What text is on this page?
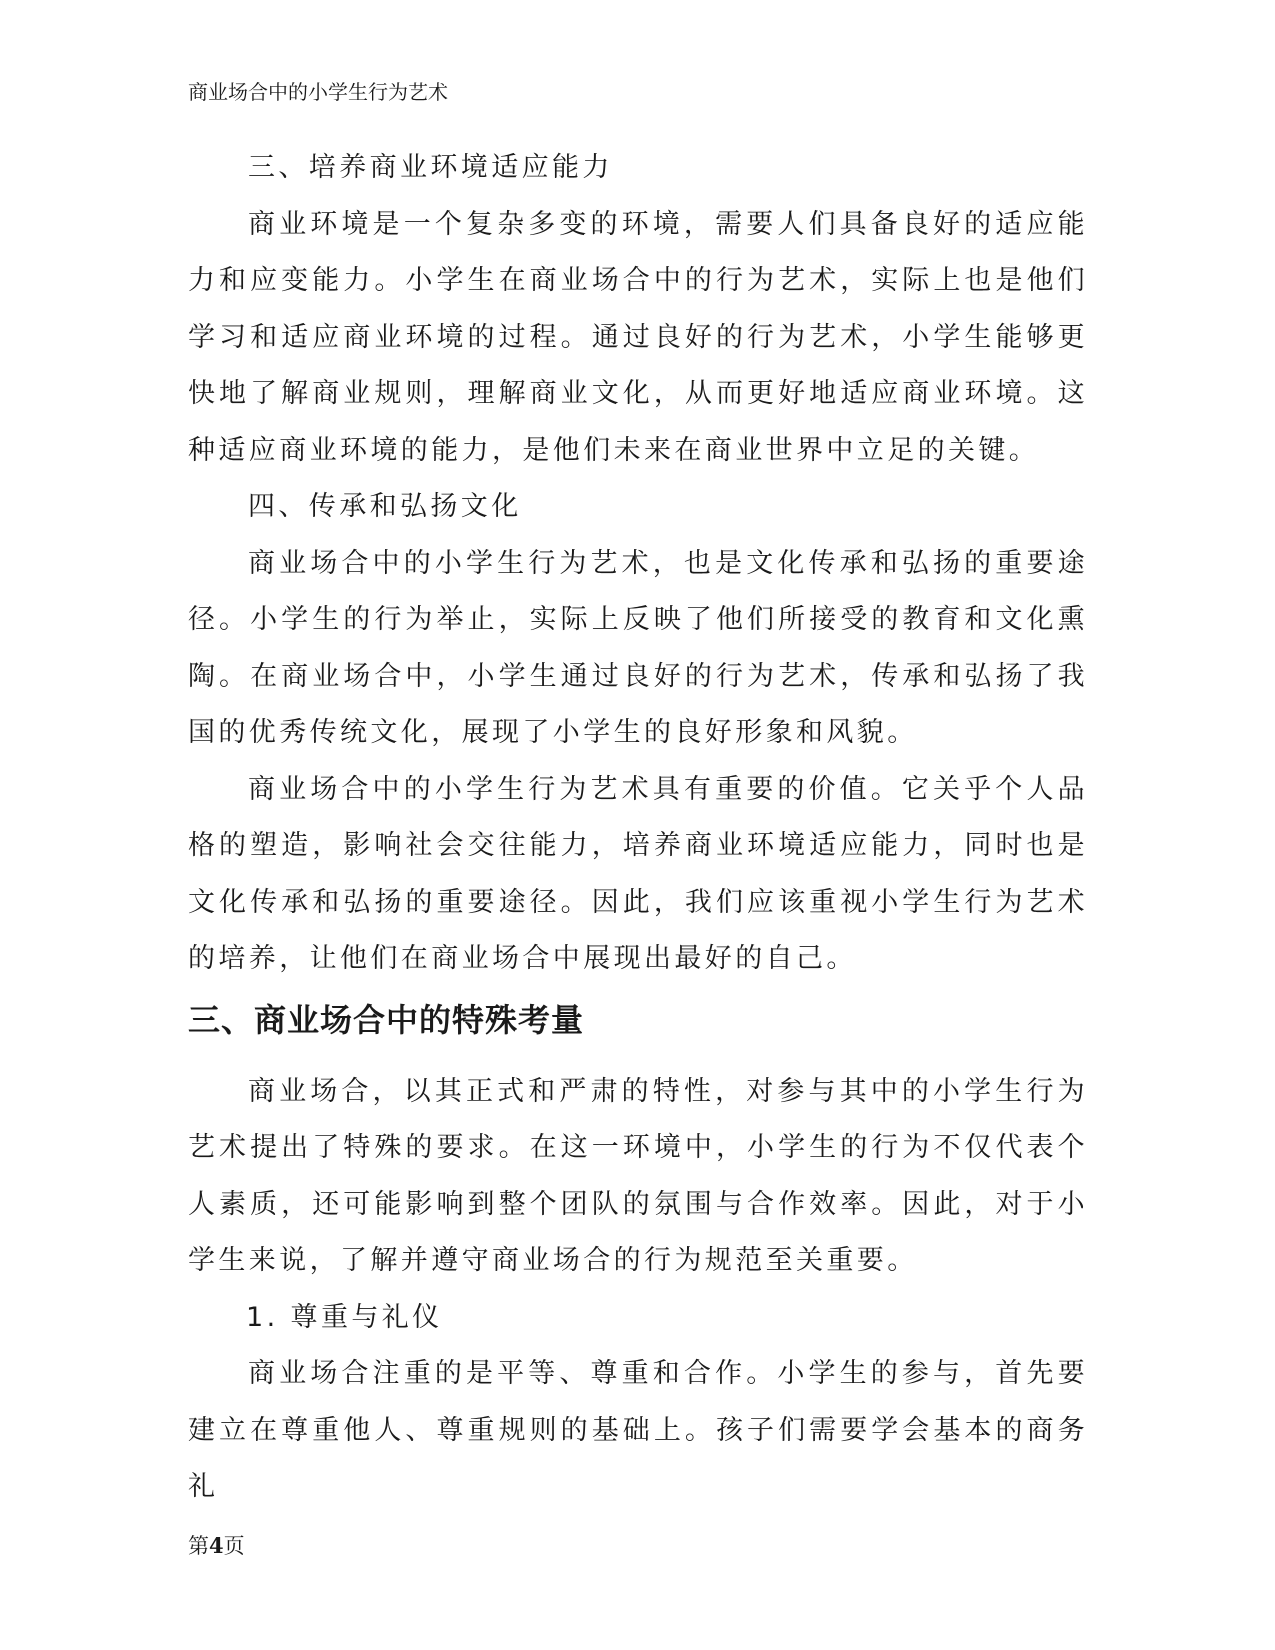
商业场合中的小学生行为艺术

三、培养商业环境适应能力

商业环境是一个复杂多变的环境，需要人们具备良好的适应能力和应变能力。小学生在商业场合中的行为艺术，实际上也是他们学习和适应商业环境的过程。通过良好的行为艺术，小学生能够更快地了解商业规则，理解商业文化，从而更好地适应商业环境。这种适应商业环境的能力，是他们未来在商业世界中立足的关键。

四、传承和弘扬文化

商业场合中的小学生行为艺术，也是文化传承和弘扬的重要途径。小学生的行为举止，实际上反映了他们所接受的教育和文化熏陶。在商业场合中，小学生通过良好的行为艺术，传承和弘扬了我国的优秀传统文化，展现了小学生的良好形象和风貌。

商业场合中的小学生行为艺术具有重要的价值。它关乎个人品格的塑造，影响社会交往能力，培养商业环境适应能力，同时也是文化传承和弘扬的重要途径。因此，我们应该重视小学生行为艺术的培养，让他们在商业场合中展现出最好的自己。

三、商业场合中的特殊考量

商业场合，以其正式和严肃的特性，对参与其中的小学生行为艺术提出了特殊的要求。在这一环境中，小学生的行为不仅代表个人素质，还可能影响到整个团队的氛围与合作效率。因此，对于小学生来说，了解并遵守商业场合的行为规范至关重要。

1. 尊重与礼仪

商业场合注重的是平等、尊重和合作。小学生的参与，首先要建立在尊重他人、尊重规则的基础上。孩子们需要学会基本的商务礼

第4页
